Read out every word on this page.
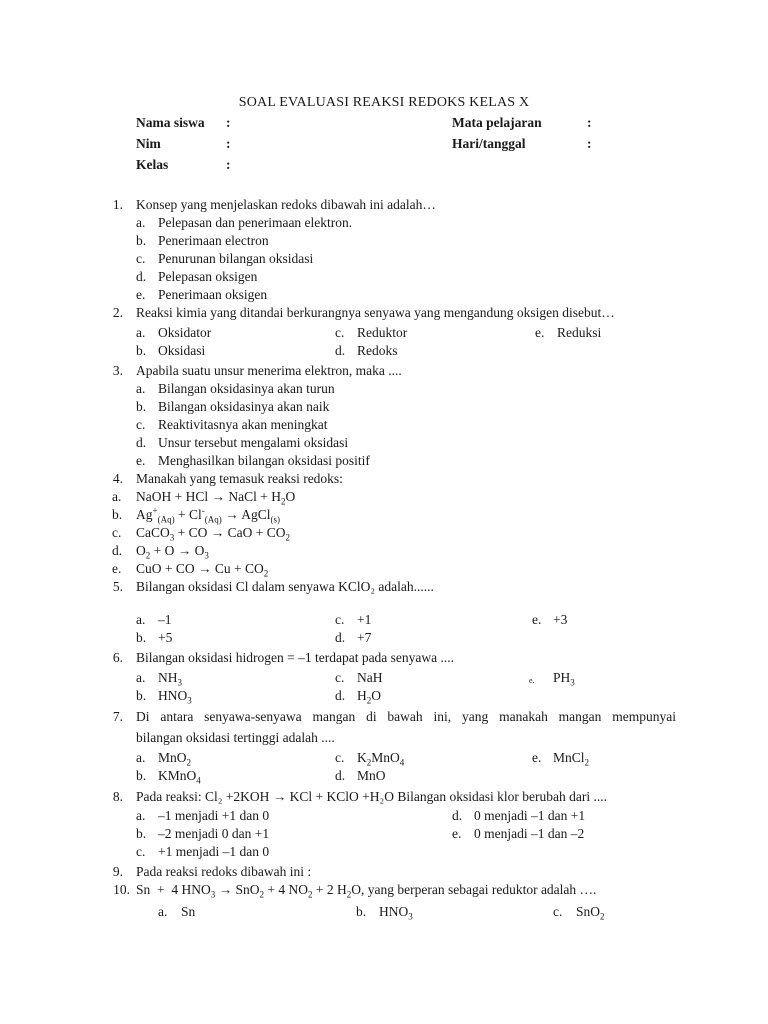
SOAL EVALUASI REAKSI REDOKS KELAS X
Nama siswa :
Nim	:
Kelas	:
Mata pelajaran	:
Hari/tanggal	:
1. Konsep yang menjelaskan redoks dibawah ini adalah…
a. Pelepasan dan penerimaan elektron.
b. Penerimaan electron
c. Penurunan bilangan oksidasi
d. Pelepasan oksigen
e. Penerimaan oksigen
2. Reaksi kimia yang ditandai berkurangnya senyawa yang mengandung oksigen disebut…
a. Oksidator
b. Oksidasi
c. Reduktor
d. Redoks
e. Reduksi
3. Apabila suatu unsur menerima elektron, maka ....
a. Bilangan oksidasinya akan turun
b. Bilangan oksidasinya akan naik
c. Reaktivitasnya akan meningkat
d. Unsur tersebut mengalami oksidasi
e. Menghasilkan bilangan oksidasi positif
4. Manakah yang temasuk reaksi redoks:
a.	NaOH + HCl → NaCl + $H_2O$
b. $Ag^+_{(Aq)} + Cl^-_{(Aq)}$ → AgCl$_{(s)}$
c.	CaCO$_3$ + CO → CaO + $CO_2$
d. $O_2 + O \to O_3$
e.	CuO + CO → $Cu + CO_2$
5. Bilangan oksidasi Cl dalam senyawa KClO₂ adalah......
a. –1
b. +5
c. +1
d. +7
e. +3
6. Bilangan oksidasi hidrogen = –1 terdapat pada senyawa ....
a. $NH_3$
b. $HNO_3$
c. NaH
d. $H_2O$
e.	$PH_3$
7. Di antara senyawa-senyawa mangan di bawah ini, yang manakah mangan mempunyai
bilangan oksidasi tertinggi adalah ....
a. MnO$_2$
b. KMnO$_4$
c. $K_2MnO_4$
d. MnO
e. MnCl$_2$
8. Pada reaksi: Cl₂ +2KOH → KCl + KClO +H₂O Bilangan oksidasi klor berubah dari ....
a. –1 menjadi +1 dan 0
b. –2 menjadi 0 dan +1
c. +1 menjadi –1 dan 0
d. 0 menjadi –1 dan +1
e. 0 menjadi –1 dan –2
9. Pada reaksi redoks dibawah ini :
10. Sn  +  4 $HNO_3 \to SnO_2 + 4$ $NO_2 + 2$ $H_2O$, yang berperan sebagai reduktor adalah ….
a.	Sn	b. $HNO_3$	c.	SnO$_2$
